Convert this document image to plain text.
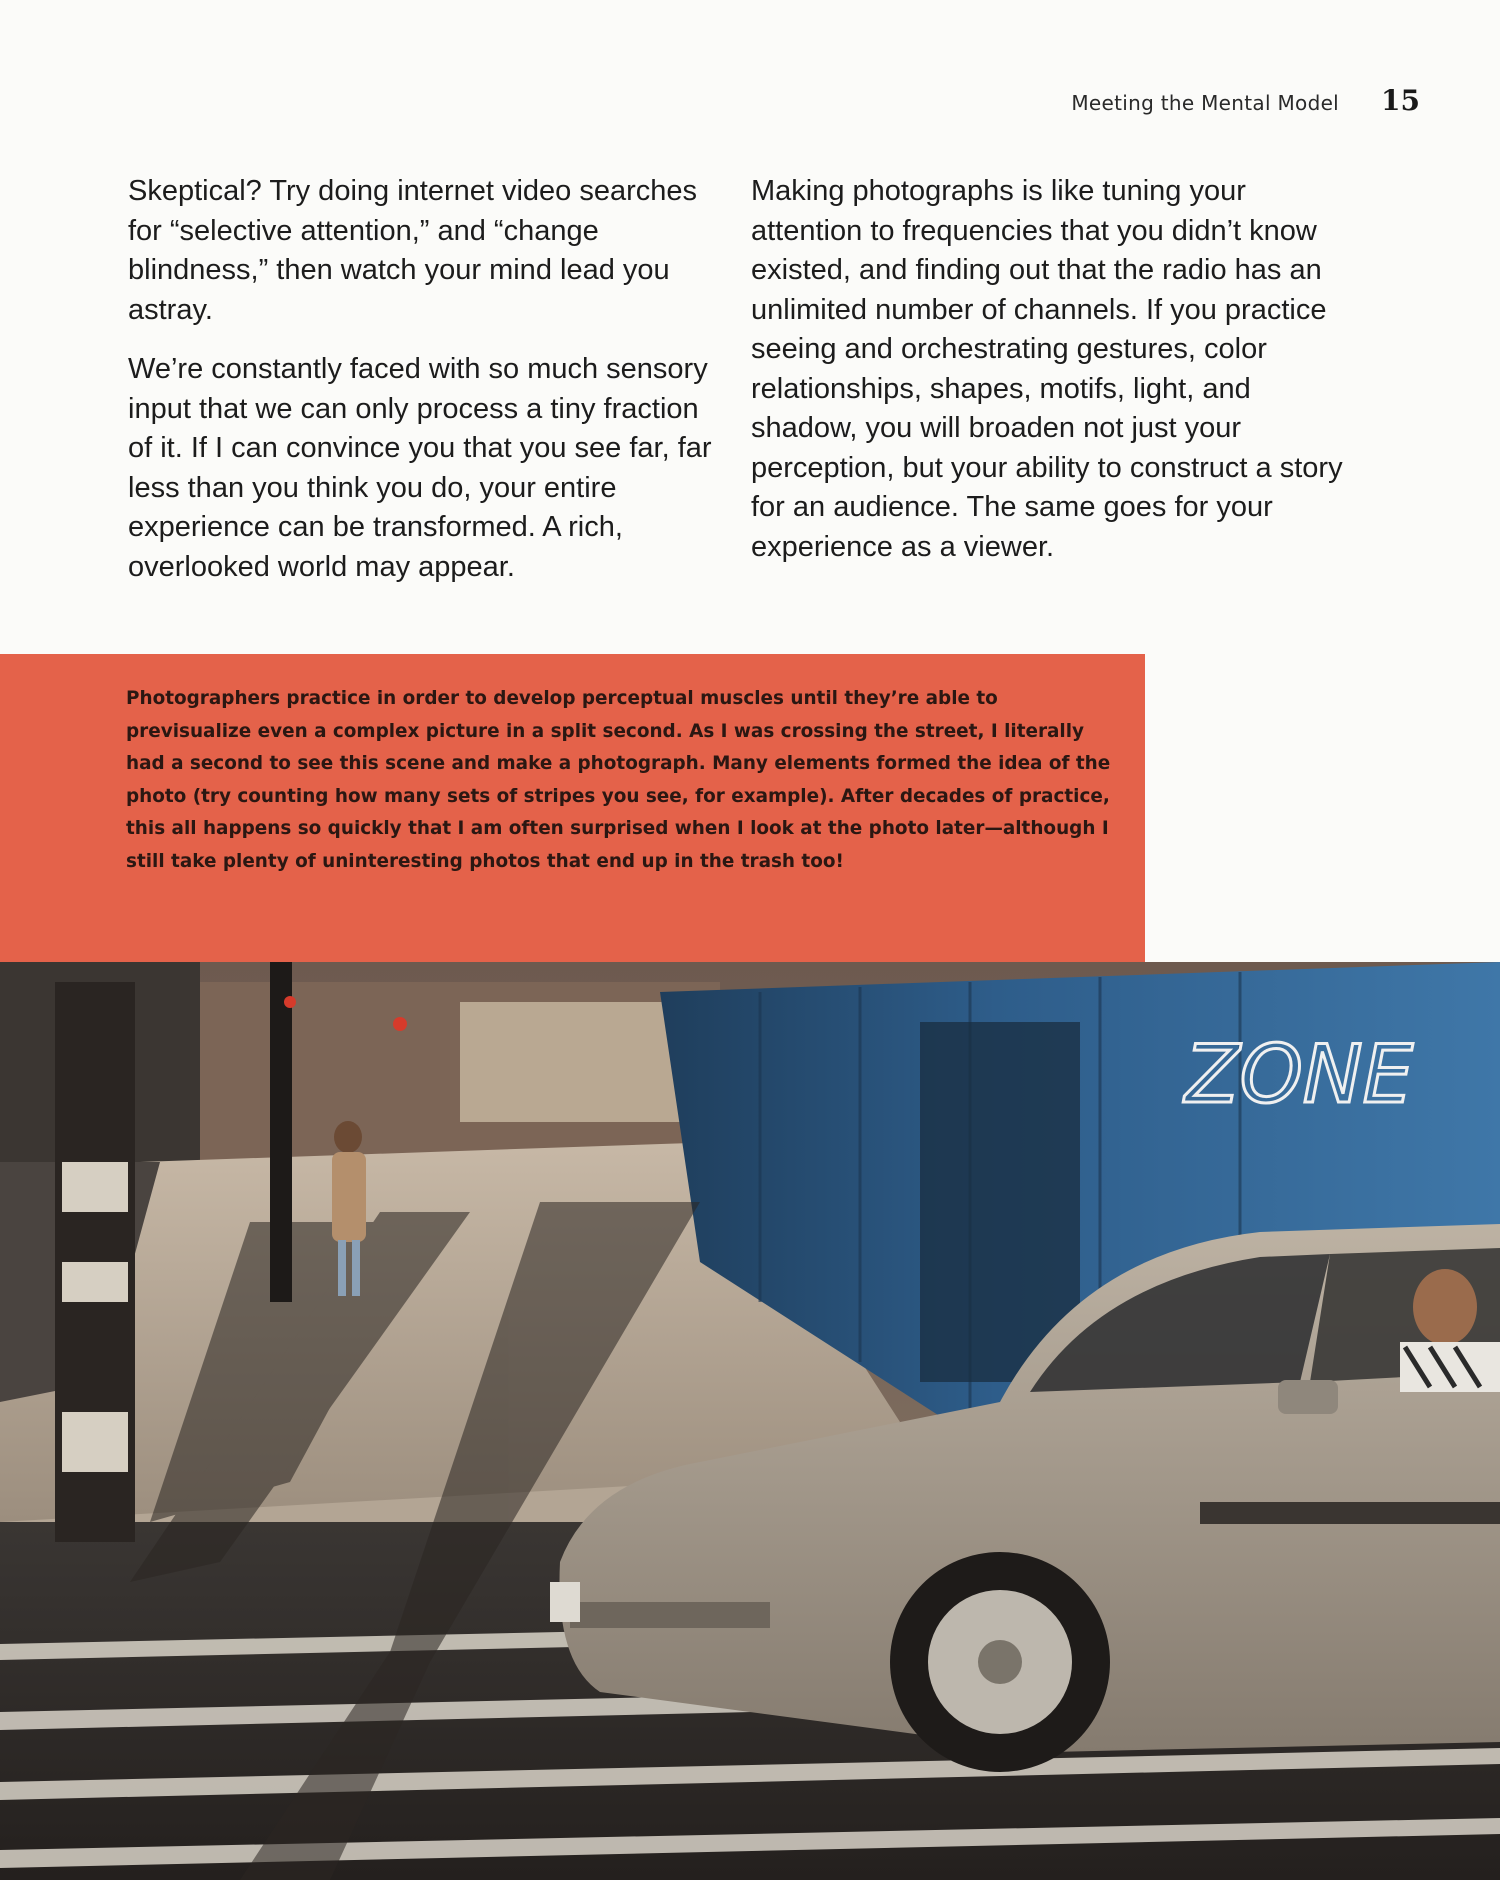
Meeting the Mental Model 15

Skeptical? Try doing internet video searches for “selective attention,” and “change blindness,” then watch your mind lead you astray.

We’re constantly faced with so much sensory input that we can only process a tiny fraction of it. If I can convince you that you see far, far less than you think you do, your entire experience can be transformed. A rich, overlooked world may appear.

Making photographs is like tuning your attention to frequencies that you didn’t know existed, and finding out that the radio has an unlimited number of channels. If you practice seeing and orchestrating gestures, color relationships, shapes, motifs, light, and shadow, you will broaden not just your perception, but your ability to construct a story for an audience. The same goes for your experience as a viewer.

Photographers practice in order to develop perceptual muscles until they’re able to previsualize even a complex picture in a split second. As I was crossing the street, I literally had a second to see this scene and make a photograph. Many elements formed the idea of the photo (try counting how many sets of stripes you see, for example). After decades of practice, this all happens so quickly that I am often surprised when I look at the photo later—although I still take plenty of uninteresting photos that end up in the trash too!
ZONE
